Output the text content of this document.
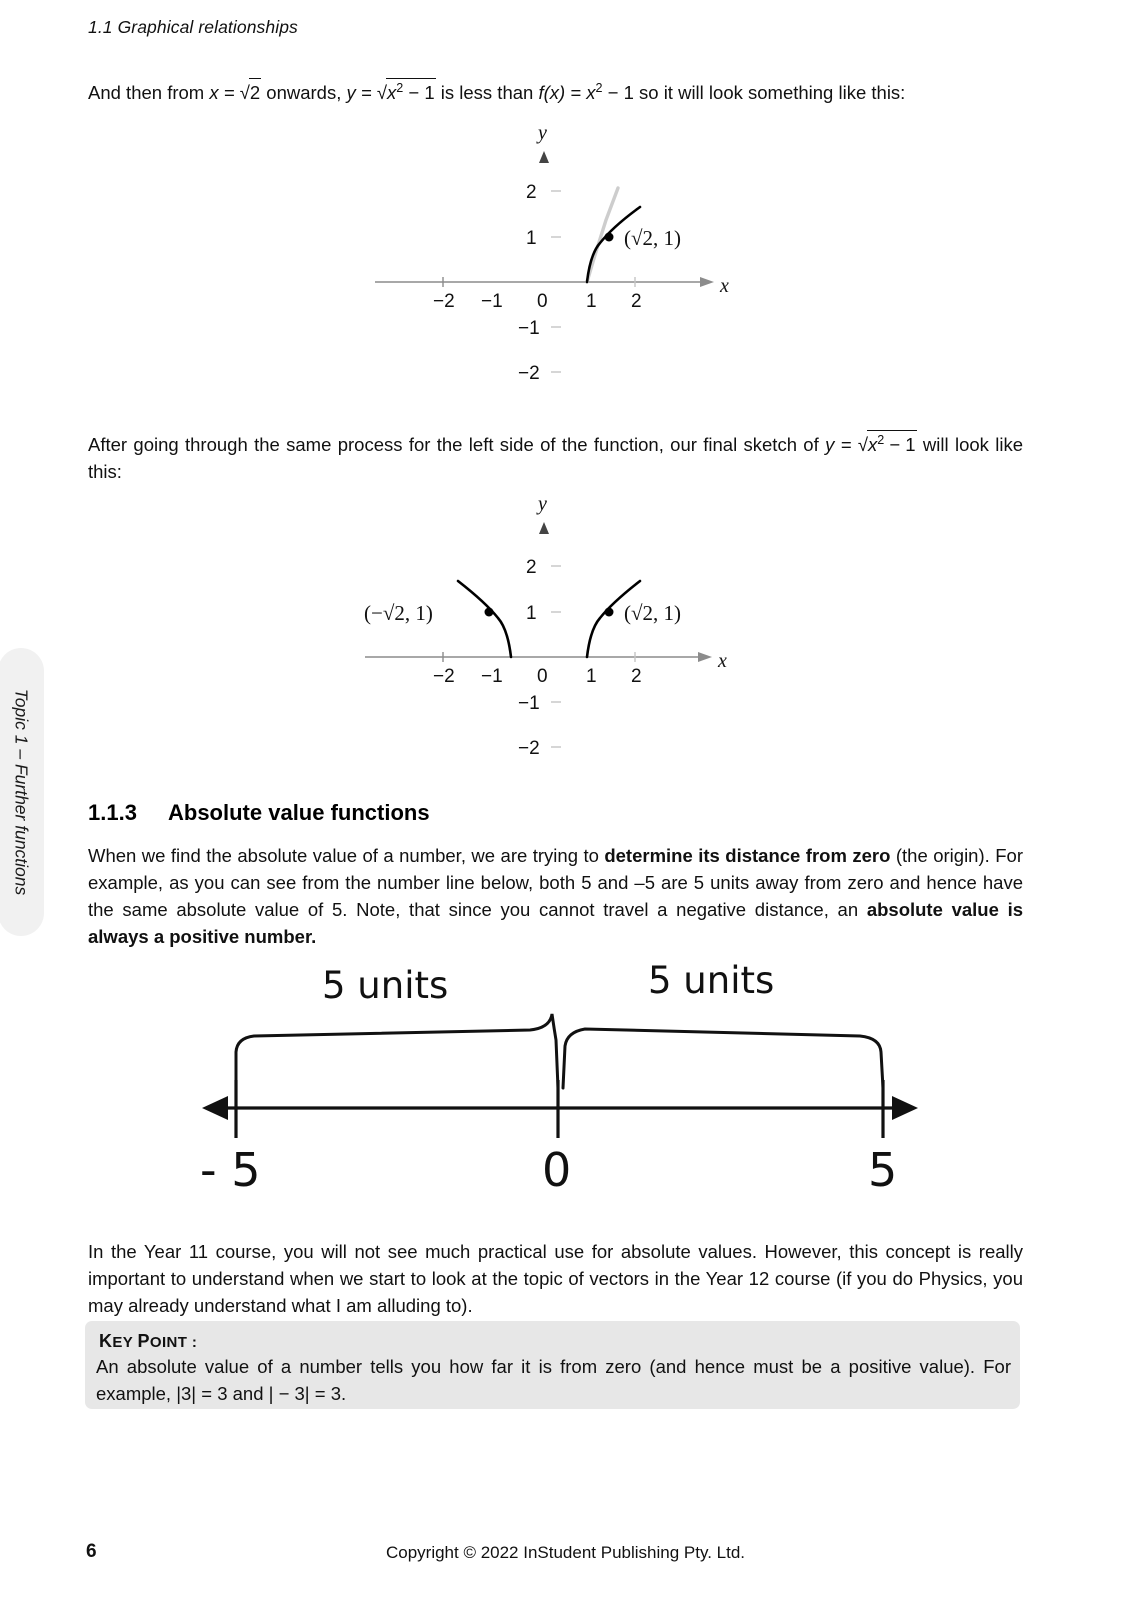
1.1 Graphical relationships
Topic 1 – Further functions
And then from x = √2 onwards, $y = √x^2 - 1$ is less than $f(x) = x^2 - 1$ so it will look something like this:
y
x
−2 −1 0 1 2
2
1
−1
−2
(√2, 1)
After going through the same process for the left side of the function, our final sketch of $y = √x^2 - 1$ will look like this:
y
x
−2 −1 0 1 2
2
1
−1
−2
(√2, 1)
(−√2, 1)
1.1.3 Absolute value functions
When we find the absolute value of a number, we are trying to determine its distance from zero (the origin). For example, as you can see from the number line below, both 5 and –5 are 5 units away from zero and hence have the same absolute value of 5. Note, that since you cannot travel a negative distance, an absolute value is always a positive number.
5 units	5 units
- 5	0	5
In the Year 11 course, you will not see much practical use for absolute values. However, this concept is really important to understand when we start to look at the topic of vectors in the Year 12 course (if you do Physics, you may already understand what I am alluding to).
KEY POINT :
An absolute value of a number tells you how far it is from zero (and hence must be a positive value). For example, |3| = 3 and | − 3| = 3.
6	Copyright © 2022 InStudent Publishing Pty. Ltd.
